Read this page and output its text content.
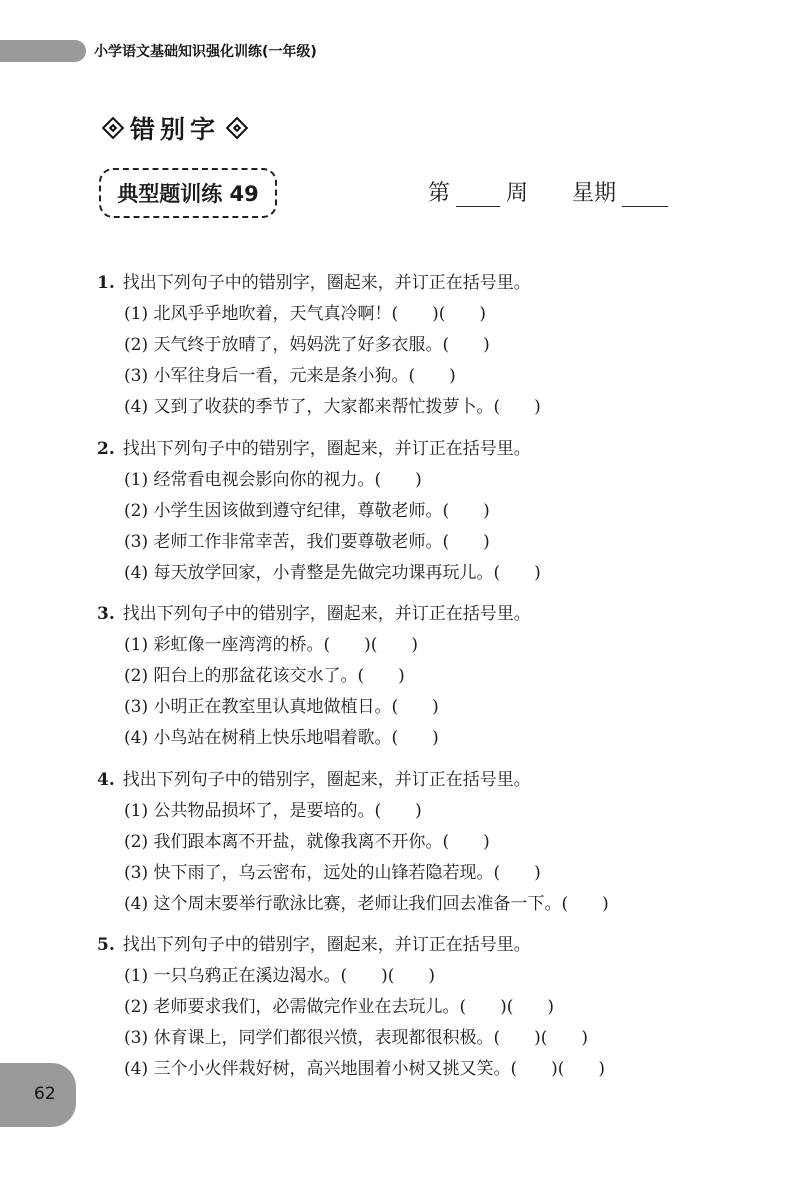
小学语文基础知识强化训练(一年级)
错别字
典型题训练 49	第	周 星期
1. 找出下列句子中的错别字，圈起来，并订正在括号里。
(1) 北风乎乎地吹着，天气真冷啊！(　　)(　　)
(2) 天气终于放晴了，妈妈洗了好多衣服。(　　)
(3) 小军往身后一看，元来是条小狗。(　　)
(4) 又到了收获的季节了，大家都来帮忙拨萝卜。(　　)
2. 找出下列句子中的错别字，圈起来，并订正在括号里。
(1) 经常看电视会影向你的视力。(　　)
(2) 小学生因该做到遵守纪律，尊敬老师。(　　)
(3) 老师工作非常幸苦，我们要尊敬老师。(　　)
(4) 每天放学回家，小青整是先做完功课再玩儿。(　　)
3. 找出下列句子中的错别字，圈起来，并订正在括号里。
(1) 彩虹像一座湾湾的桥。(　　)(　　)
(2) 阳台上的那盆花该交水了。(　　)
(3) 小明正在教室里认真地做植日。(　　)
(4) 小鸟站在树稍上快乐地唱着歌。(　　)
4. 找出下列句子中的错别字，圈起来，并订正在括号里。
(1) 公共物品损坏了，是要培的。(　　)
(2) 我们跟本离不开盐，就像我离不开你。(　　)
(3) 快下雨了，乌云密布，远处的山锋若隐若现。(　　)
(4) 这个周末要举行歌泳比赛，老师让我们回去准备一下。(　　)
5. 找出下列句子中的错别字，圈起来，并订正在括号里。
(1) 一只乌鸦正在溪边渴水。(　　)(　　)
(2) 老师要求我们，必需做完作业在去玩儿。(　　)(　　)
(3) 休育课上，同学们都很兴愤，表现都很积极。(　　)(　　)
(4) 三个小火伴栽好树，高兴地围着小树又挑又笑。(　　)(　　)
62
